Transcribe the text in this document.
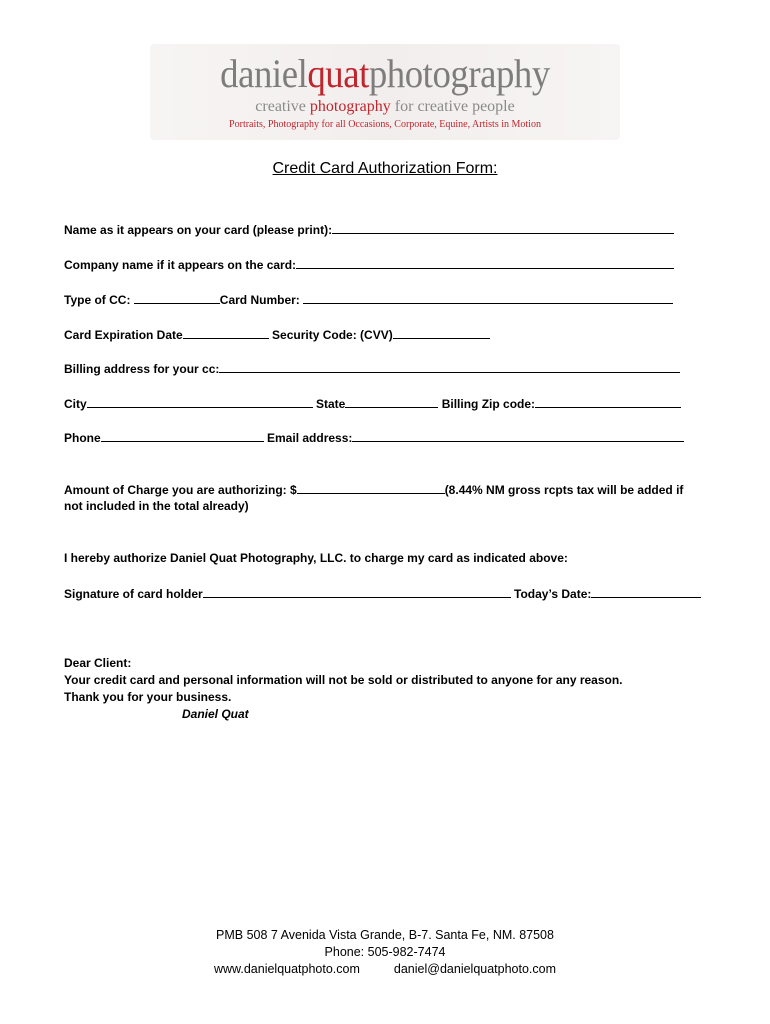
danielquatphotography
creative photography for creative people
Portraits, Photography for all Occasions, Corporate, Equine, Artists in Motion
Credit Card Authorization Form:
Name as it appears on your card (please print):
Company name if it appears on the card:
Type of CC:	Card Number:
Card Expiration Date	Security Code: (CVV)
Billing address for your cc:
City	State	Billing Zip code:
Phone	Email address:
Amount of Charge you are authorizing: $	(8.44% NM gross rcpts tax will be added if
not included in the total already)
I hereby authorize Daniel Quat Photography, LLC. to charge my card as indicated above:
Signature of card holder	Today’s Date:
Dear Client:
Your credit card and personal information will not be sold or distributed to anyone for any reason.
Thank you for your business.
Daniel Quat
PMB 508 7 Avenida Vista Grande, B-7. Santa Fe, NM. 87508
Phone: 505-982-7474
www.danielquatphoto.com	daniel@danielquatphoto.com
